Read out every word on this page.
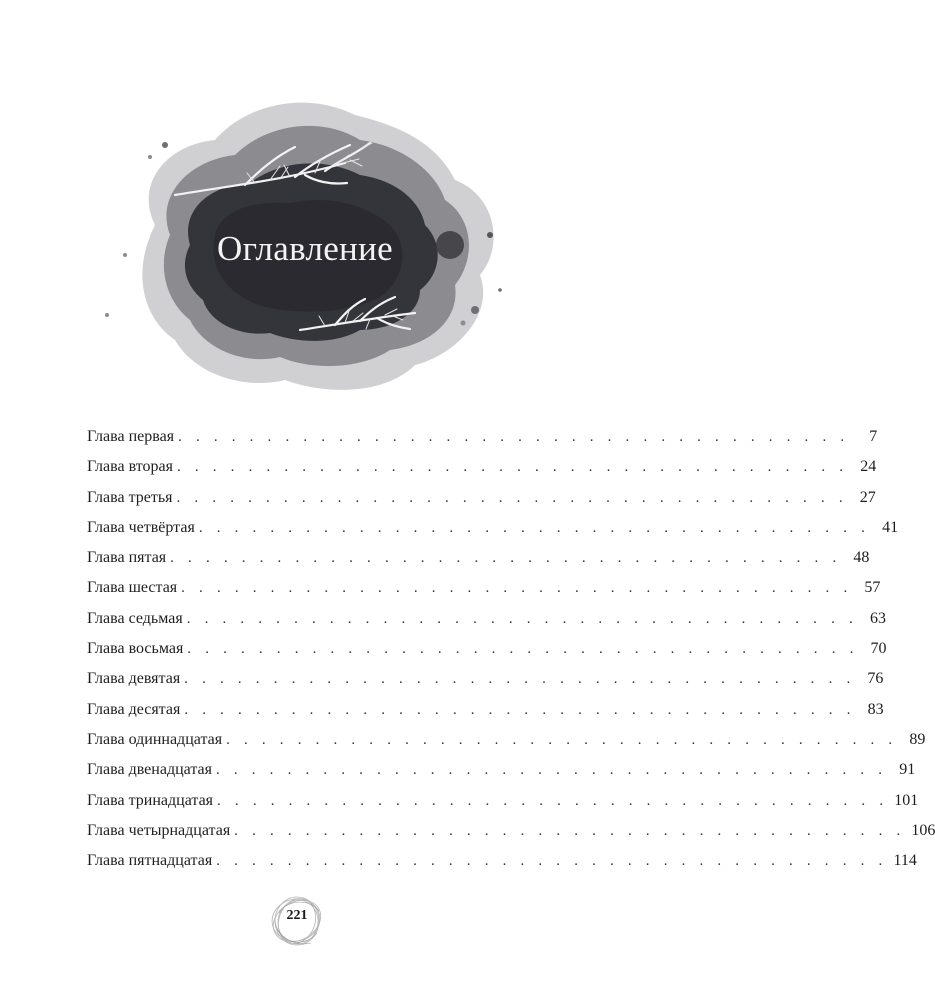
Оглавление
Глава первая . . . . . . . . . . . . . . . . . . . . . . . . . . . . . . . . . . . . . .	7
Глава вторая . . . . . . . . . . . . . . . . . . . . . . . . . . . . . . . . . . . . . . 24
Глава третья . . . . . . . . . . . . . . . . . . . . . . . . . . . . . . . . . . . . . . 27
Глава четвёртая . . . . . . . . . . . . . . . . . . . . . . . . . . . . . . . . . . . . . . 41
Глава пятая . . . . . . . . . . . . . . . . . . . . . . . . . . . . . . . . . . . . . . 48
Глава шестая . . . . . . . . . . . . . . . . . . . . . . . . . . . . . . . . . . . . . . 57
Глава седьмая . . . . . . . . . . . . . . . . . . . . . . . . . . . . . . . . . . . . . . 63
Глава восьмая . . . . . . . . . . . . . . . . . . . . . . . . . . . . . . . . . . . . . . 70
Глава девятая . . . . . . . . . . . . . . . . . . . . . . . . . . . . . . . . . . . . . . 76
Глава десятая . . . . . . . . . . . . . . . . . . . . . . . . . . . . . . . . . . . . . . 83
Глава одиннадцатая . . . . . . . . . . . . . . . . . . . . . . . . . . . . . . . . . . . . . . 89
Глава двенадцатая . . . . . . . . . . . . . . . . . . . . . . . . . . . . . . . . . . . . . . 91
Глава тринадцатая . . . . . . . . . . . . . . . . . . . . . . . . . . . . . . . . . . . . . . 101
Глава четырнадцатая . . . . . . . . . . . . . . . . . . . . . . . . . . . . . . . . . . . . . . 106
Глава пятнадцатая . . . . . . . . . . . . . . . . . . . . . . . . . . . . . . . . . . . . . . 114
221
